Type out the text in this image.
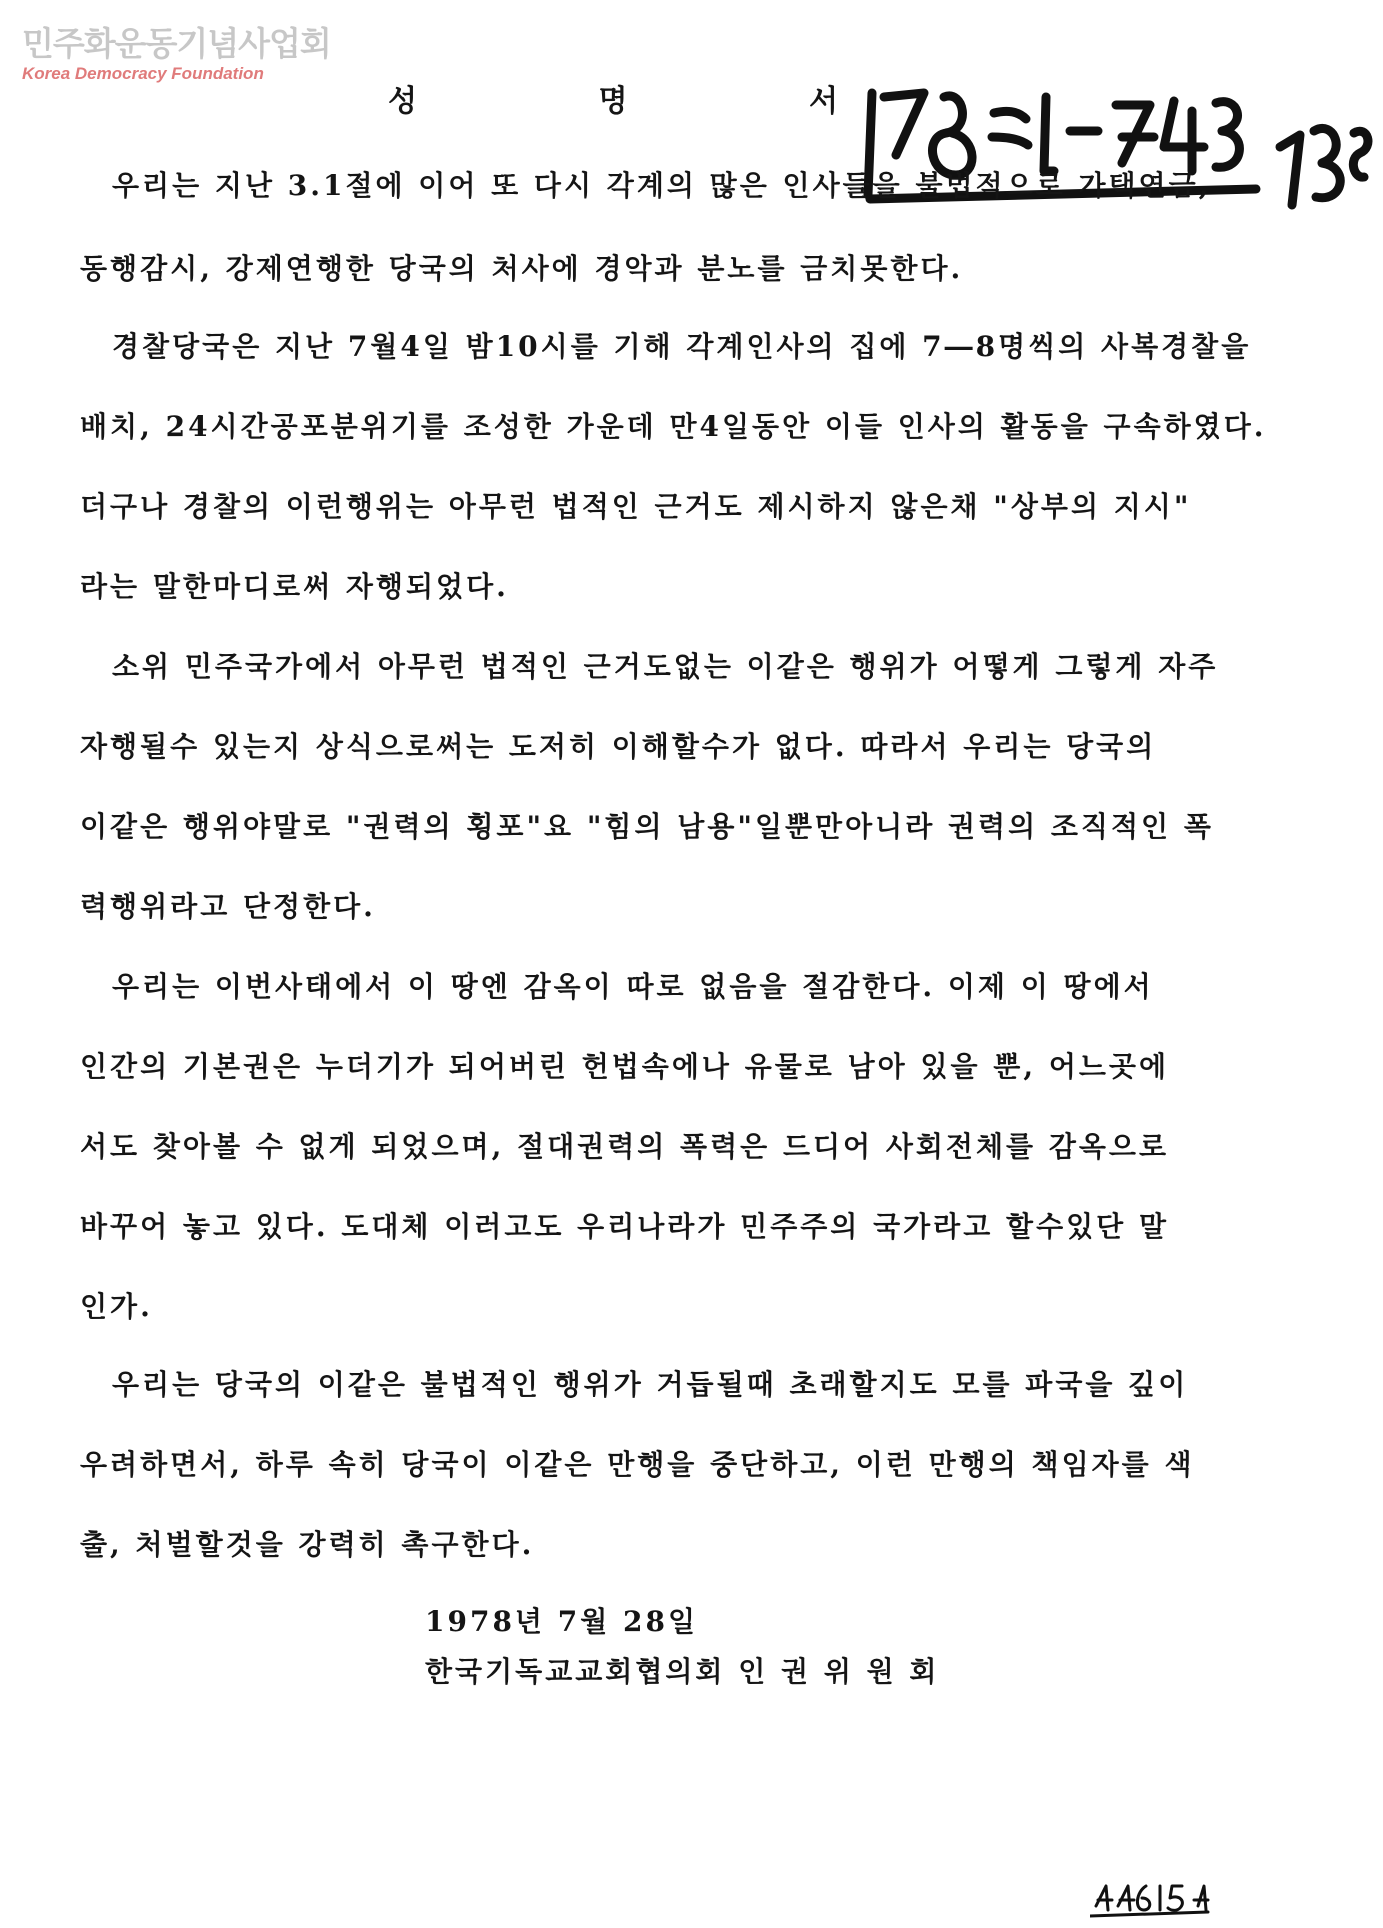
민주화운동기념사업회
Korea Democracy Foundation
성	명	서
우리는 지난 3.1절에 이어 또 다시 각계의 많은 인사들을 불법적으로 가택연금,
동행감시, 강제연행한 당국의 처사에 경악과 분노를 금치못한다.
경찰당국은 지난 7월4일 밤10시를 기해 각계인사의 집에 7―8명씩의 사복경찰을
배치, 24시간공포분위기를 조성한 가운데 만4일동안 이들 인사의 활동을 구속하였다.
더구나 경찰의 이런행위는 아무런 법적인 근거도 제시하지 않은채 "상부의 지시"
라는 말한마디로써 자행되었다.
소위 민주국가에서 아무런 법적인 근거도없는 이같은 행위가 어떻게 그렇게 자주
자행될수 있는지 상식으로써는 도저히 이해할수가 없다. 따라서 우리는 당국의
이같은 행위야말로 "권력의 횡포"요 "힘의 남용"일뿐만아니라 권력의 조직적인 폭
력행위라고 단정한다.
우리는 이번사태에서 이 땅엔 감옥이 따로 없음을 절감한다. 이제 이 땅에서
인간의 기본권은 누더기가 되어버린 헌법속에나 유물로 남아 있을 뿐, 어느곳에
서도 찾아볼 수 없게 되었으며, 절대권력의 폭력은 드디어 사회전체를 감옥으로
바꾸어 놓고 있다. 도대체 이러고도 우리나라가 민주주의 국가라고 할수있단 말
인가.
우리는 당국의 이같은 불법적인 행위가 거듭될때 초래할지도 모를 파국을 깊이
우려하면서, 하루 속히 당국이 이같은 만행을 중단하고, 이런 만행의 책임자를 색
출, 처벌할것을 강력히 촉구한다.
1978년 7월 28일
한국기독교교회협의회 인 권 위 원 회
